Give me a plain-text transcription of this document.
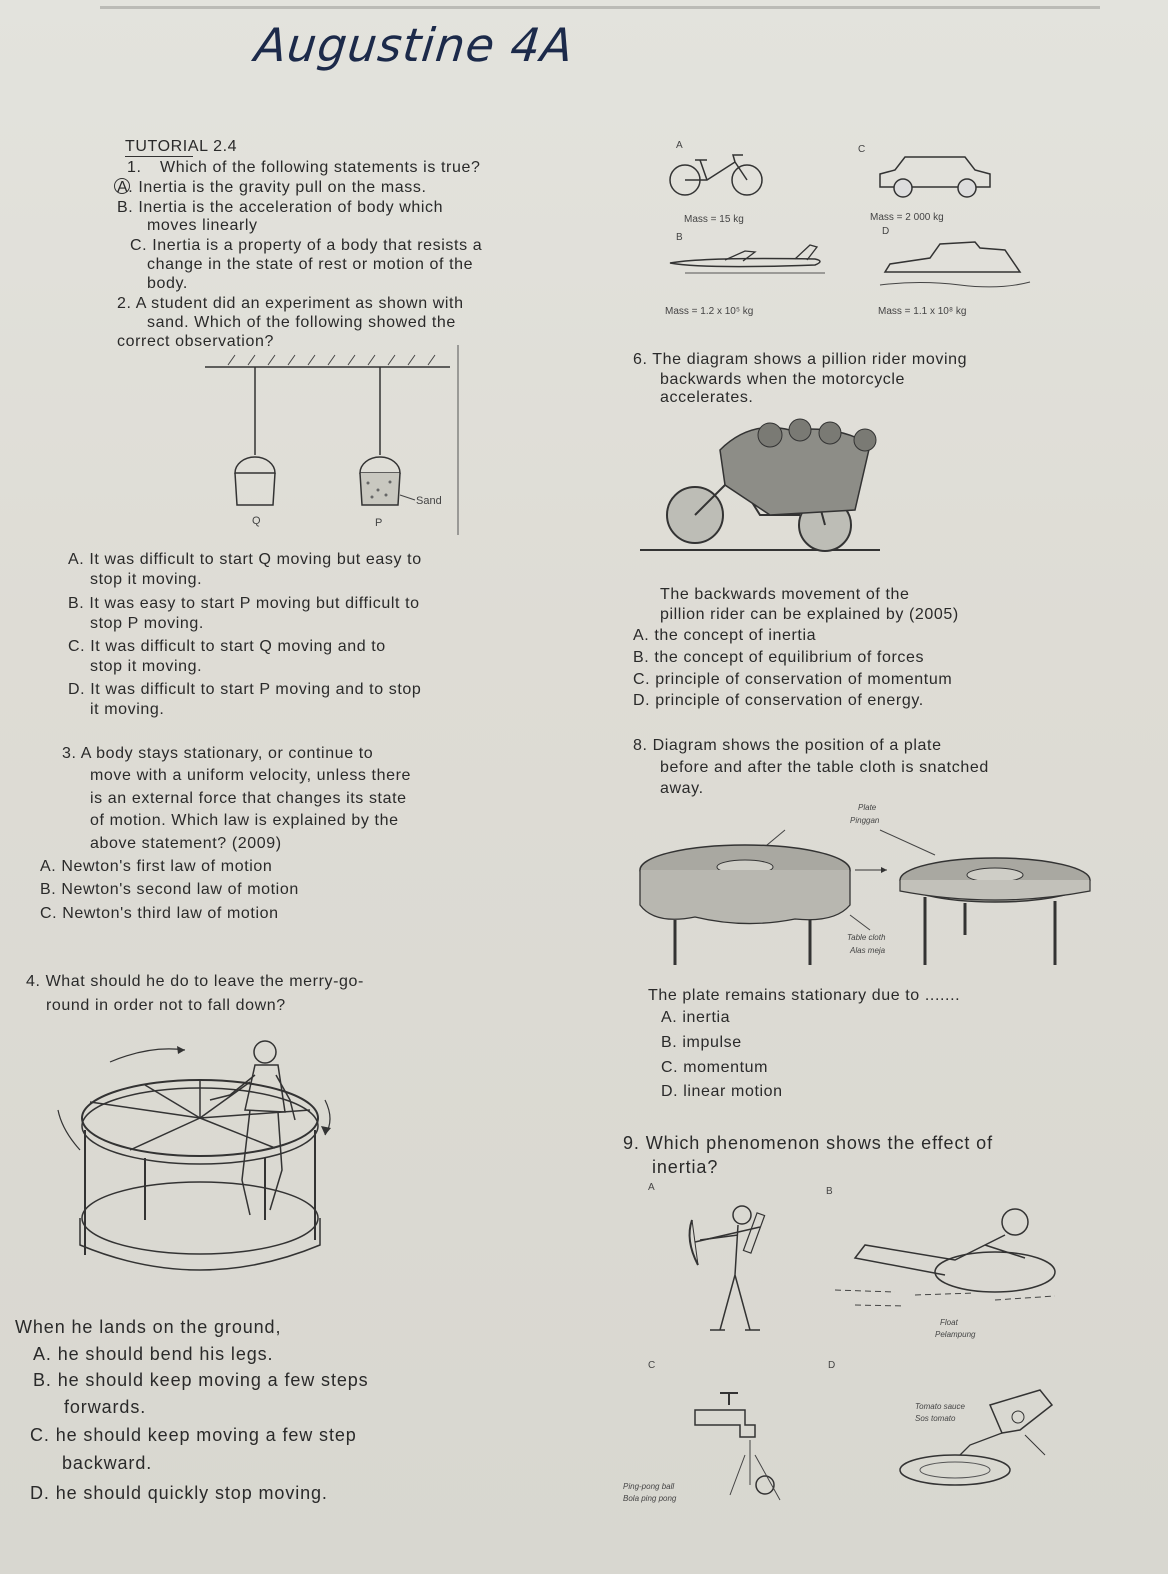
Augustine 4A
TUTORIAL 2.4
1. Which of the following statements is true?
A. Inertia is the gravity pull on the mass.
B. Inertia is the acceleration of body which
moves linearly
C. Inertia is a property of a body that resists a
change in the state of rest or motion of the
body.
2. A student did an experiment as shown with
sand. Which of the following showed the
correct observation?
Sand
Q	P
A. It was difficult to start Q moving but easy to
stop it moving.
B. It was easy to start P moving but difficult to
stop P moving.
C. It was difficult to start Q moving and to
stop it moving.
D. It was difficult to start P moving and to stop
it moving.
3. A body stays stationary, or continue to
move with a uniform velocity, unless there
is an external force that changes its state
of motion. Which law is explained by the
above statement? (2009)
A. Newton's first law of motion
B. Newton's second law of motion
C. Newton's third law of motion
4. What should he do to leave the merry-go-
round in order not to fall down?
When he lands on the ground,
A. he should bend his legs.
B. he should keep moving a few steps
forwards.
C. he should keep moving a few step
backward.
D. he should quickly stop moving.
A	C
Mass = 15 kg	Mass = 2 000 kg
B
D
Mass = 1.2 x 10⁵ kg	Mass = 1.1 x 10⁸ kg
6. The diagram shows a pillion rider moving
backwards when the motorcycle
accelerates.
The backwards movement of the
pillion rider can be explained by (2005)
A. the concept of inertia
B. the concept of equilibrium of forces
C. principle of conservation of momentum
D. principle of conservation of energy.
8. Diagram shows the position of a plate
before and after the table cloth is snatched
away.
Plate
Pinggan
Table cloth
Alas meja
The plate remains stationary due to .......
A. inertia
B. impulse
C. momentum
D. linear motion
9. Which phenomenon shows the effect of
inertia?
A	B
Float
Pelampung
C	D
Ping-pong ball
Bola ping pong
Tomato sauce
Sos tomato
